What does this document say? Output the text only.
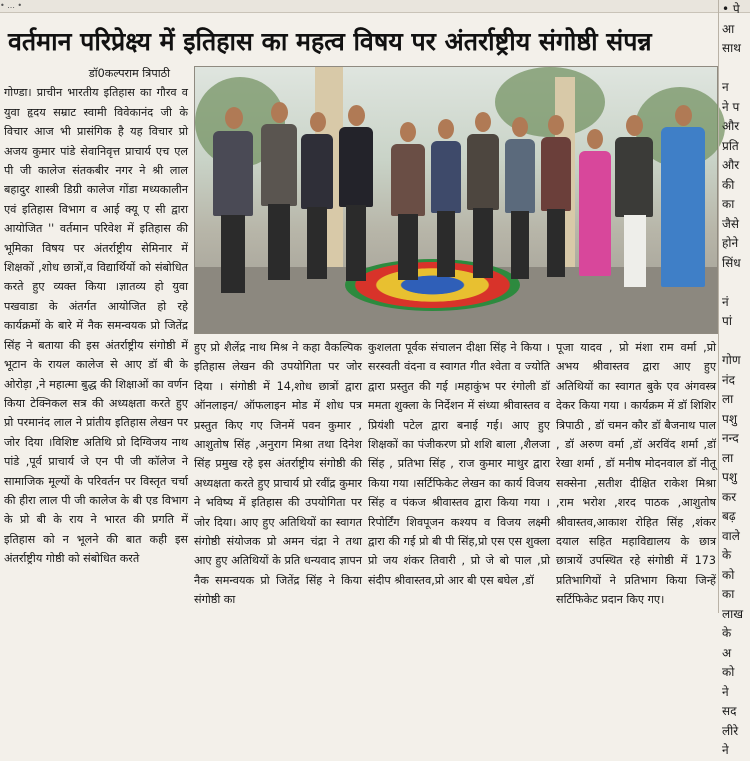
• ... •
वर्तमान परिप्रेक्ष्य में इतिहास का महत्व विषय पर अंतर्राष्ट्रीय संगोष्ठी संपन्न

डॉ0कल्पराम त्रिपाठी

गोण्डा। प्राचीन भारतीय इतिहास का गौरव व युवा हृदय सम्राट स्वामी विवेकानंद जी के विचार आज भी प्रासंगिक है यह विचार प्रो अजय कुमार पांडे सेवानिवृत्त प्राचार्य एच एल पी जी कालेज संतकबीर नगर ने श्री लाल बहादुर शास्त्री डिग्री कालेज गोंडा मध्यकालीन एवं इतिहास विभाग व आई क्यू ए सी द्वारा आयोजित '' वर्तमान परिवेश में इतिहास की भूमिका विषय पर अंतर्राष्ट्रीय सेमिनार में शिक्षकों ,शोध छात्रों,व विद्यार्थियों को संबोधित करते हुए व्यक्त किया ।ज्ञातव्य हो युवा पखवाडा के अंतर्गत आयोजित हो रहे कार्यक्रमों के बारे में नैक समन्वयक प्रो जितेंद्र सिंह ने बताया की इस अंतर्राष्ट्रीय संगोष्ठी में भूटान के रायल कालेज से आए डॉ बी के ओरोड़ा ,ने महात्मा बुद्ध की शिक्षाओं का वर्णन किया टेक्निकल सत्र की अध्यक्षता करते हुए प्रो परमानंद लाल ने प्रांतीय इतिहास लेखन पर जोर दिया ।विशिष्ट अतिथि प्रो दिग्विजय नाथ पांडे ,पूर्व प्राचार्य जे एन पी जी कॉलेज ने सामाजिक मूल्यों के परिवर्तन पर विस्तृत चर्चा की हीरा लाल पी जी कालेज के बी एड विभाग के प्रो बी के राय ने भारत की प्रगति में इतिहास को न भूलने की बात कही इस अंतर्राष्ट्रीय गोष्ठी को संबोधित करते

हुए प्रो शैलेंद्र नाथ मिश्र ने कहा वैकल्पिक इतिहास लेखन की उपयोगिता पर जोर दिया । संगोष्ठी में 14,शोध छात्रों द्वारा ऑनलाइन/ ऑफलाइन मोड में शोध पत्र प्रस्तुत किए गए जिनमें पवन कुमार , आशुतोष सिंह ,अनुराग मिश्रा तथा दिनेश सिंह प्रमुख रहे इस अंतर्राष्ट्रीय संगोष्ठी की अध्यक्षता करते हुए प्राचार्य प्रो रवींद्र कुमार ने भविष्य में इतिहास की उपयोगिता पर जोर दिया। आए हुए अतिथियों का स्वागत संगोष्ठी संयोजक प्रो अमन चंद्रा ने तथा आए हुए अतिथियों के प्रति धन्यवाद ज्ञापन नैक समन्वयक प्रो जितेंद्र सिंह ने किया संगोष्ठी का

कुशलता पूर्वक संचालन दीक्षा सिंह ने किया ।सरस्वती वंदना व स्वागत गीत श्वेता व ज्योति द्वारा प्रस्तुत की गई ।महाकुंभ पर रंगोली डॉ ममता शुक्ला के निर्देशन में संध्या श्रीवास्तव व प्रियंशी पटेल द्वारा बनाई गई। आए हुए शिक्षकों का पंजीकरण प्रो शशि बाला ,शैलजा सिंह , प्रतिभा सिंह , राज कुमार माथुर द्वारा किया गया ।सर्टिफिकेट लेखन का कार्य विजय सिंह व पंकज श्रीवास्तव द्वारा किया गया ।रिपोर्टिंग शिवपूजन कश्यप व विजय लक्ष्मी द्वारा की गई प्रो बी पी सिंह,प्रो एस एस शुक्ला प्रो जय शंकर तिवारी , प्रो जे बो पाल ,प्रो संदीप श्रीवास्तव,प्रो आर बी एस बघेल ,डॉ

पूजा यादव , प्रो मंशा राम वर्मा ,प्रो अभय श्रीवास्तव द्वारा आए हुए अतिथियों का स्वागत बुके एव अंगवस्त्र देकर किया गया । कार्यक्रम में डॉ शिशिर त्रिपाठी , डॉ चमन कौर डॉ बैजनाथ पाल , डॉ अरुण वर्मा ,डॉ अरविंद शर्मा ,डॉ रेखा शर्मा , डॉ मनीष मोदनवाल डॉ नीतू सक्सेना ,सतीश दीक्षित राकेश मिश्रा ,राम भरोश ,शरद पाठक ,आशुतोष श्रीवास्तव,आकाश रोहित सिंह ,शंकर दयाल सहित महाविद्यालय के छात्र छात्रायें उपस्थित रहे संगोष्ठी में 173 प्रतिभागियों ने प्रतिभाग किया जिन्हें सर्टिफिकेट प्रदान किए गए।

• पे
आ
साथ

न
ने प
और
प्रति
और
की
का
जैसे
होने
सिंध

नं
पां

गोण
नंद
ला
पशु
नन्द
ला
पशु
कर
बढ़
वाले
के
को
का
लाख
के
अ
को
ने
सद
लीरे
ने
